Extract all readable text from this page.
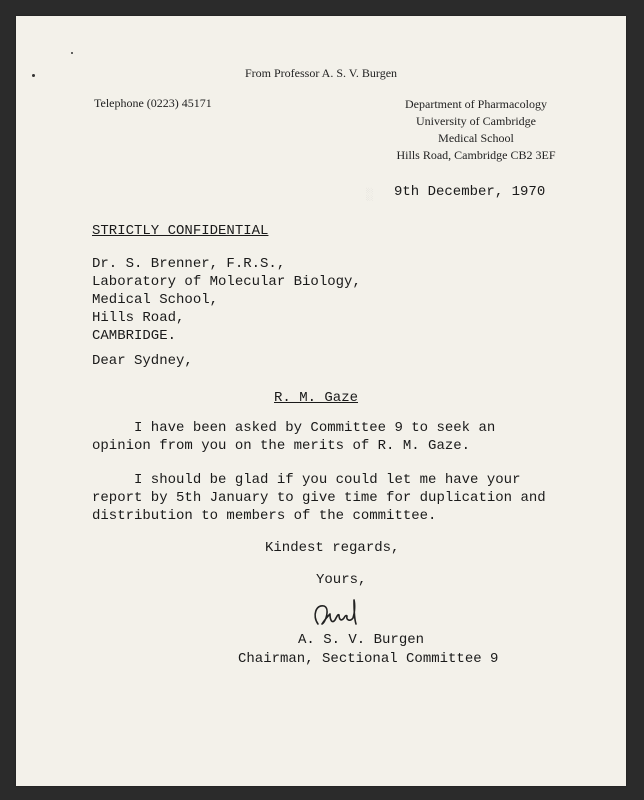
░
From Professor A. S. V. Burgen
Telephone (0223) 45171	Department of Pharmacology
University of Cambridge
Medical School
Hills Road, Cambridge CB2 3EF
9th December, 1970
STRICTLY CONFIDENTIAL
Dr. S. Brenner, F.R.S.,
Laboratory of Molecular Biology,
Medical School,
Hills Road,
CAMBRIDGE.
Dear Sydney,
R. M. Gaze
I have been asked by Committee 9 to seek an
opinion from you on the merits of R. M. Gaze.
I should be glad if you could let me have your
report by 5th January to give time for duplication and
distribution to members of the committee.
Kindest regards,
Yours,
A. S. V. Burgen
Chairman, Sectional Committee 9
